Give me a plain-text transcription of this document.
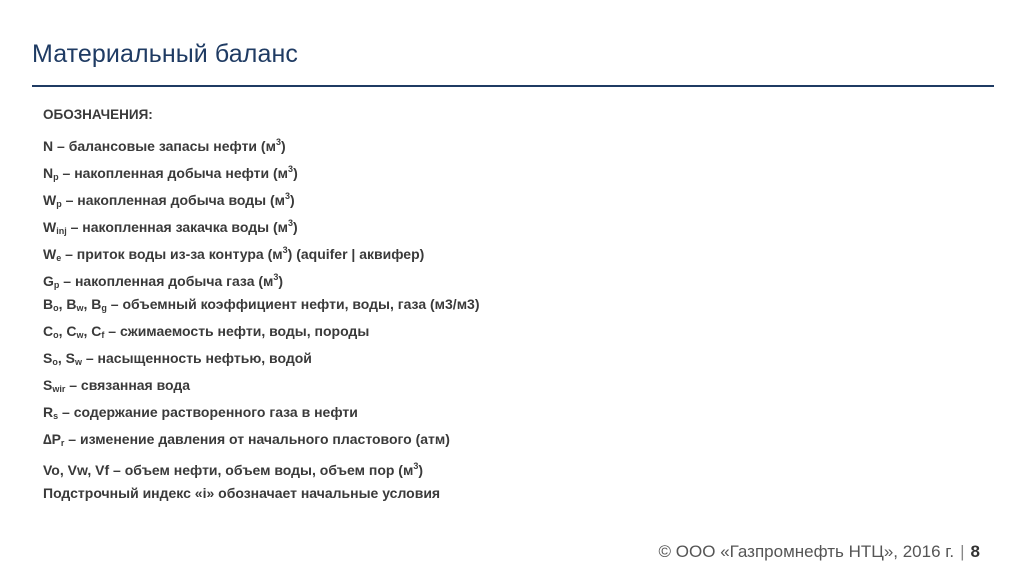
Материальный баланс
ОБОЗНАЧЕНИЯ:
N – балансовые запасы нефти $(м^3)$
$N_p$ – накопленная добыча нефти $(м^3)$
$W_p$ – накопленная добыча воды $(м^3)$
$W_{inj}$ – накопленная закачка воды $(м^3)$
$W_e$ – приток воды из-за контура $(м^3)$ (aquifer | аквифер)
$G_p$ – накопленная добыча газа $(м^3)$
$B_o$, $B_w$, $B_g$ – объемный коэффициент нефти, воды, газа (м3/м3)
$C_o$, $C_w$, $C_f$ – сжимаемость нефти, воды, породы
$S_o$, $S_w$ – насыщенность нефтью, водой
$S_{wir}$ – связанная вода
$R_s$ – содержание растворенного газа в нефти
$\Delta P_r$ – изменение давления от начального пластового (атм)
Vo, Vw, Vf – объем нефти, объем воды, объем пор $(м^3)$
Подстрочный индекс «i» обозначает начальные условия
© ООО «Газпромнефть НТЦ», 2016 г. | 8
